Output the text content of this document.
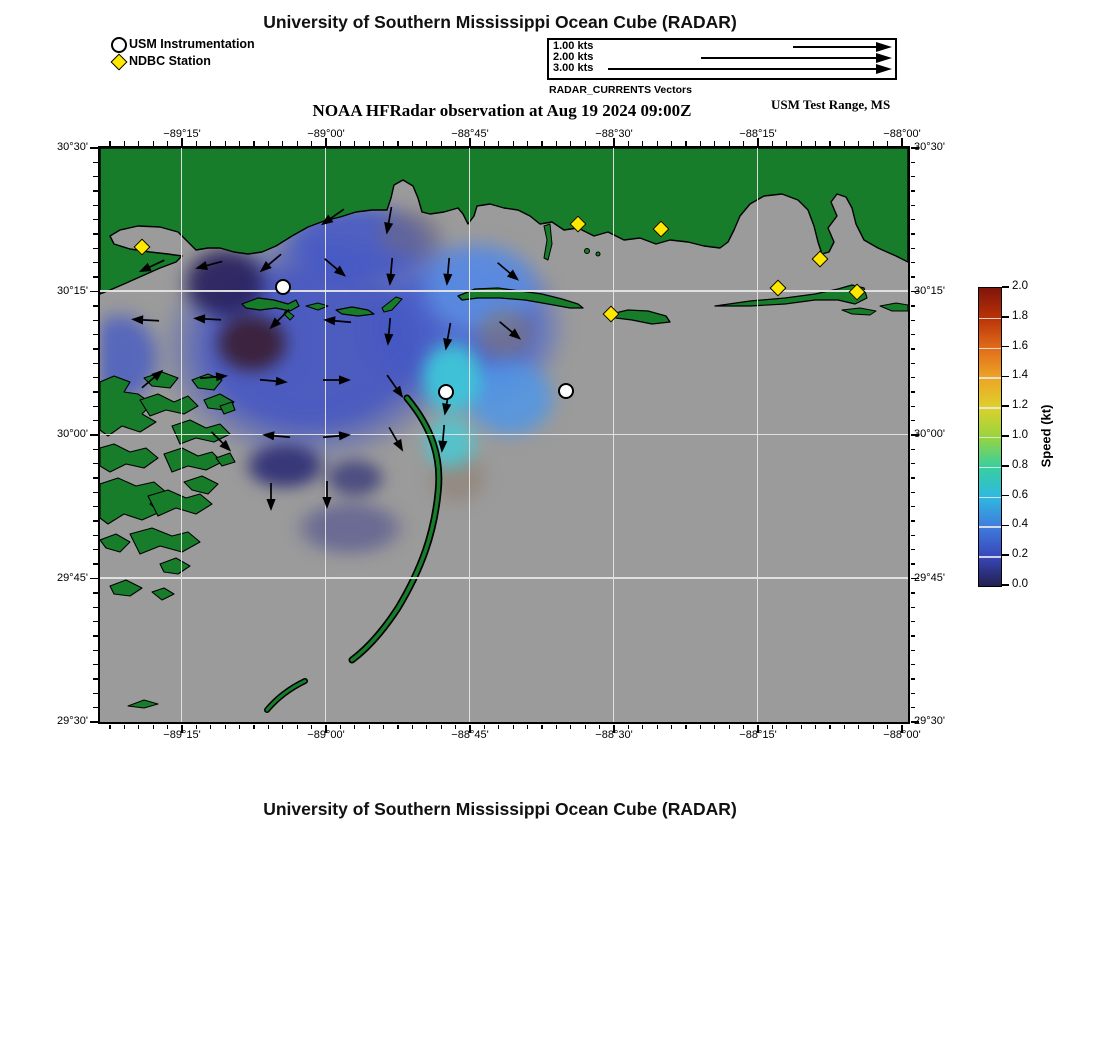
University of Southern Mississippi Ocean Cube (RADAR)
USM Instrumentation
NDBC Station
1.00 kts
2.00 kts
3.00 kts
RADAR_CURRENTS Vectors
NOAA HFRadar observation at Aug 19 2024 09:00Z	USM Test Range, MS
−89°15'
−89°15'
−89°00'
−89°00'
−88°45'
−88°45'
−88°30'
−88°30'
−88°15'
−88°15'
−88°00'
−88°00'
30°30'	30°30'
30°15'	30°15'
30°00'	30°00'
29°45'	29°45'
29°30'	29°30'
2.0
1.8
1.6
1.4
1.2
1.0
0.8
0.6
0.4
0.2
0.0
Speed (kt)
University of Southern Mississippi Ocean Cube (RADAR)
